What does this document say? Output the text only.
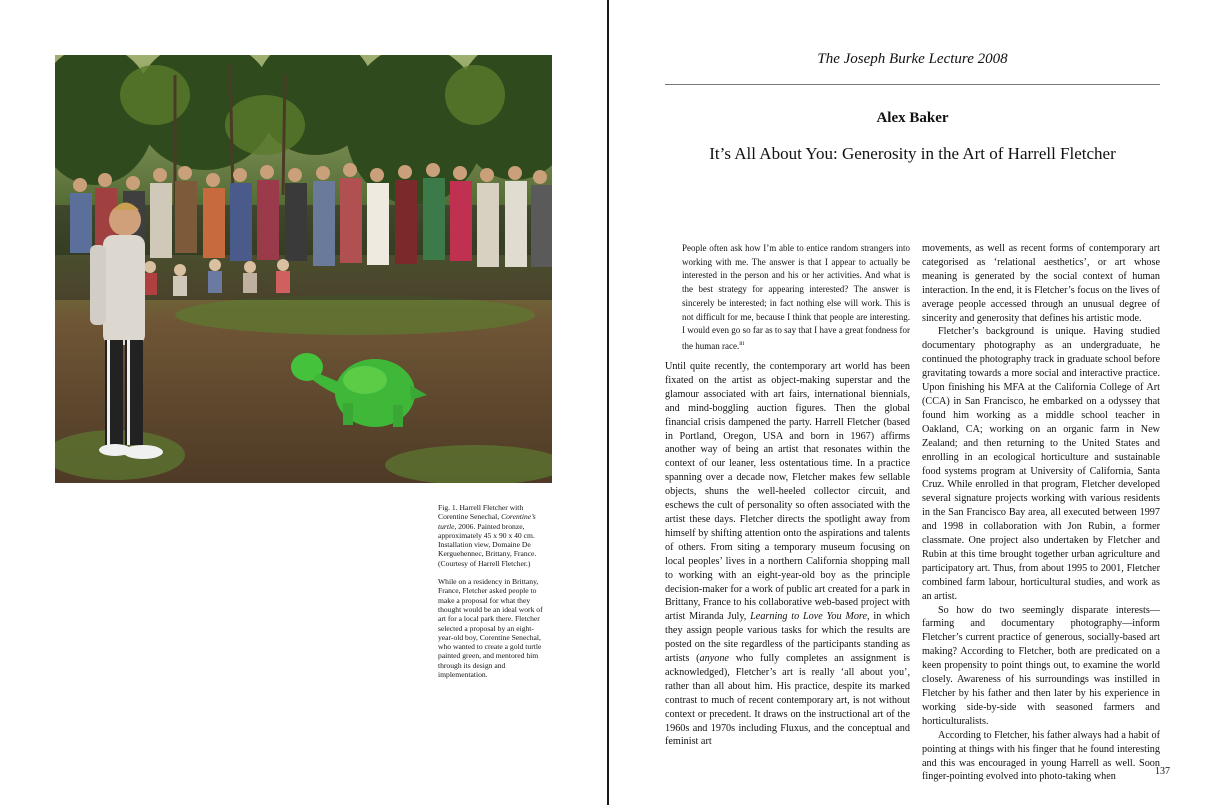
Fig. 1. Harrell Fletcher with Corentine Senechal, Corentine’s turtle, 2006. Painted bronze, approximately 45 x 90 x 40 cm. Installation view, Domaine De Kerguehennec, Brittany, France. (Courtesy of Harrell Fletcher.)

While on a residency in Brittany, France, Fletcher asked people to make a proposal for what they thought would be an ideal work of art for a local park there. Fletcher selected a proposal by an eight-year-old boy, Corentine Senechal, who wanted to create a gold turtle painted green, and mentored him through its design and implementation.

The Joseph Burke Lecture 2008
Alex Baker
It’s All About You: Generosity in the Art of Harrell Fletcher
People often ask how I’m able to entice random strangers into working with me. The answer is that I appear to actually be interested in the person and his or her activities. And what is the best strategy for appearing interested? The answer is sincerely be interested; in fact nothing else will work. This is not difficult for me, because I think that people are interesting. I would even go so far as to say that I have a great fondness for the human race.$^{iii}$

Until quite recently, the contemporary art world has been fixated on the artist as object-making superstar and the glamour associated with art fairs, international biennials, and mind-boggling auction figures. Then the global financial crisis dampened the party. Harrell Fletcher (based in Portland, Oregon, USA and born in 1967) affirms another way of being an artist that resonates within the context of our leaner, less ostentatious time. In a practice spanning over a decade now, Fletcher makes few sellable objects, shuns the well-heeled collector circuit, and eschews the cult of personality so often associated with the artist these days. Fletcher directs the spotlight away from himself by shifting attention onto the aspirations and talents of others. From siting a temporary museum focusing on local peoples’ lives in a northern California shopping mall to working with an eight-year-old boy as the principle decision-maker for a work of public art created for a park in Brittany, France to his collaborative web-based project with artist Miranda July, Learning to Love You More, in which they assign people various tasks for which the results are posted on the site regardless of the participants standing as artists (anyone who fully completes an assignment is acknowledged), Fletcher’s art is really ‘all about you’, rather than all about him. His practice, despite its marked contrast to much of recent contemporary art, is not without context or precedent. It draws on the instructional art of the 1960s and 1970s including Fluxus, and the conceptual and feminist art

movements, as well as recent forms of contemporary art categorised as ‘relational aesthetics’, or art whose meaning is generated by the social context of human interaction. In the end, it is Fletcher’s focus on the lives of average people accessed through an unusual degree of sincerity and generosity that defines his artistic mode.

Fletcher’s background is unique. Having studied documentary photography as an undergraduate, he continued the photography track in graduate school before gravitating towards a more social and interactive practice. Upon finishing his MFA at the California College of Art (CCA) in San Francisco, he embarked on a odyssey that found him working as a middle school teacher in Oakland, CA; working on an organic farm in New Zealand; and then returning to the United States and enrolling in an ecological horticulture and sustainable food systems program at University of California, Santa Cruz. While enrolled in that program, Fletcher developed several signature projects working with various residents in the San Francisco Bay area, all executed between 1997 and 1998 in collaboration with Jon Rubin, a former classmate. One project also undertaken by Fletcher and Rubin at this time brought together urban agriculture and participatory art. Thus, from about 1995 to 2001, Fletcher combined farm labour, horticultural studies, and work as an artist.

So how do two seemingly disparate interests—farming and documentary photography—inform Fletcher’s current practice of generous, socially-based art making? According to Fletcher, both are predicated on a keen propensity to point things out, to examine the world closely. Awareness of his surroundings was instilled in Fletcher by his father and then later by his experience in working side-by-side with seasoned farmers and horticulturalists.

According to Fletcher, his father always had a habit of pointing at things with his finger that he found interesting and this was encouraged in young Harrell as well. Soon finger-pointing evolved into photo-taking when	137
